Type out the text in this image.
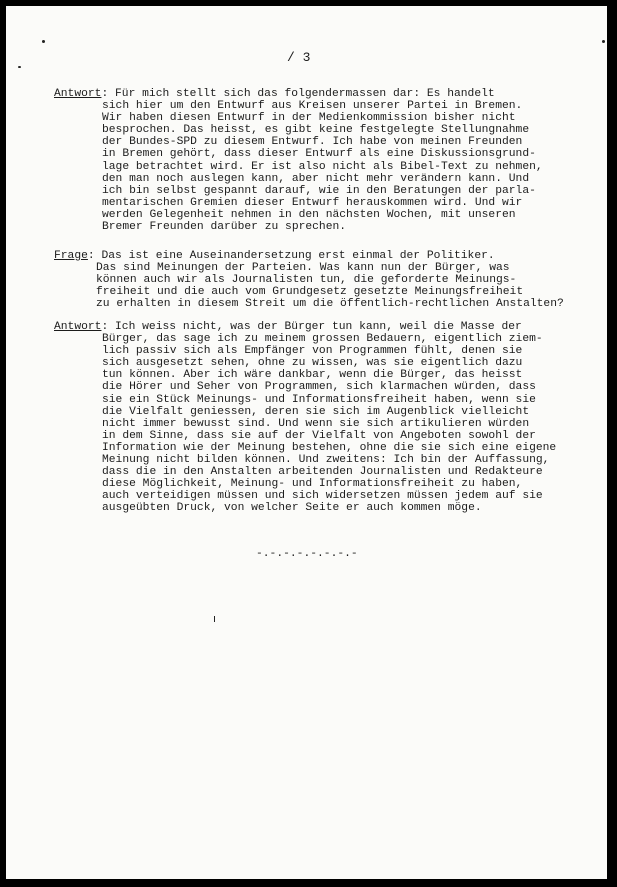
/ 3
Antwort: Für mich stellt sich das folgendermassen dar: Es handelt
sich hier um den Entwurf aus Kreisen unserer Partei in Bremen.
Wir haben diesen Entwurf in der Medienkommission bisher nicht
besprochen. Das heisst, es gibt keine festgelegte Stellungnahme
der Bundes-SPD zu diesem Entwurf. Ich habe von meinen Freunden
in Bremen gehört, dass dieser Entwurf als eine Diskussionsgrund-
lage betrachtet wird. Er ist also nicht als Bibel-Text zu nehmen,
den man noch auslegen kann, aber nicht mehr verändern kann. Und
ich bin selbst gespannt darauf, wie in den Beratungen der parla-
mentarischen Gremien dieser Entwurf herauskommen wird. Und wir
werden Gelegenheit nehmen in den nächsten Wochen, mit unseren
Bremer Freunden darüber zu sprechen.
Frage: Das ist eine Auseinandersetzung erst einmal der Politiker.
Das sind Meinungen der Parteien. Was kann nun der Bürger, was
können auch wir als Journalisten tun, die geforderte Meinungs-
freiheit und die auch vom Grundgesetz gesetzte Meinungsfreiheit
zu erhalten in diesem Streit um die öffentlich-rechtlichen Anstalten?
Antwort: Ich weiss nicht, was der Bürger tun kann, weil die Masse der
Bürger, das sage ich zu meinem grossen Bedauern, eigentlich ziem-
lich passiv sich als Empfänger von Programmen fühlt, denen sie
sich ausgesetzt sehen, ohne zu wissen, was sie eigentlich dazu
tun können. Aber ich wäre dankbar, wenn die Bürger, das heisst
die Hörer und Seher von Programmen, sich klarmachen würden, dass
sie ein Stück Meinungs- und Informationsfreiheit haben, wenn sie
die Vielfalt geniessen, deren sie sich im Augenblick vielleicht
nicht immer bewusst sind. Und wenn sie sich artikulieren würden
in dem Sinne, dass sie auf der Vielfalt von Angeboten sowohl der
Information wie der Meinung bestehen, ohne die sie sich eine eigene
Meinung nicht bilden können. Und zweitens: Ich bin der Auffassung,
dass die in den Anstalten arbeitenden Journalisten und Redakteure
diese Möglichkeit, Meinung- und Informationsfreiheit zu haben,
auch verteidigen müssen und sich widersetzen müssen jedem auf sie
ausgeübten Druck, von welcher Seite er auch kommen möge.
-.-.-.-.-.-.-.-
